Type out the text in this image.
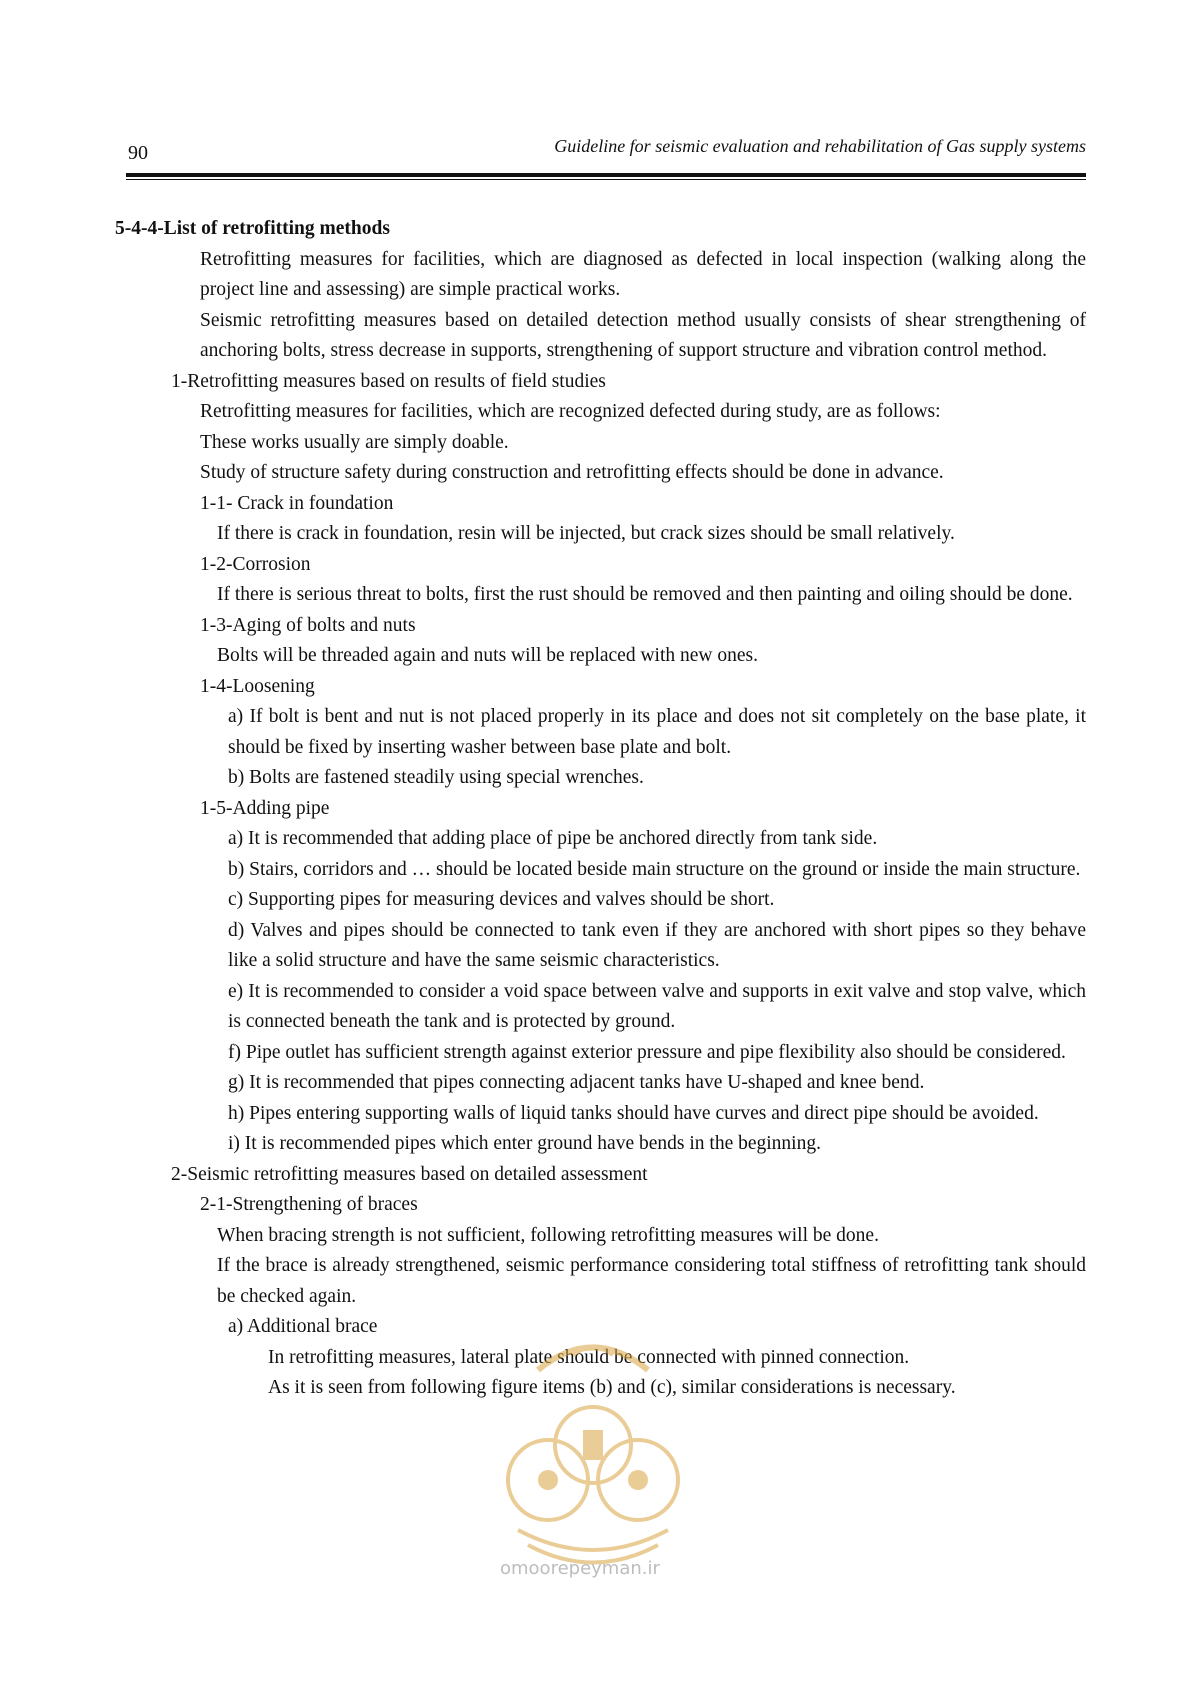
90	Guideline for seismic evaluation and rehabilitation of Gas supply systems

5-4-4-List of retrofitting methods

Retrofitting measures for facilities, which are diagnosed as defected in local inspection (walking along the project line and assessing) are simple practical works.

Seismic retrofitting measures based on detailed detection method usually consists of shear strengthening of anchoring bolts, stress decrease in supports, strengthening of support structure and vibration control method.

1-Retrofitting measures based on results of field studies

Retrofitting measures for facilities, which are recognized defected during study, are as follows:

These works usually are simply doable.

Study of structure safety during construction and retrofitting effects should be done in advance.

1-1- Crack in foundation

If there is crack in foundation, resin will be injected, but crack sizes should be small relatively.

1-2-Corrosion

If there is serious threat to bolts, first the rust should be removed and then painting and oiling should be done.

1-3-Aging of bolts and nuts

Bolts will be threaded again and nuts will be replaced with new ones.

1-4-Loosening

a) If bolt is bent and nut is not placed properly in its place and does not sit completely on the base plate, it should be fixed by inserting washer between base plate and bolt.

b) Bolts are fastened steadily using special wrenches.

1-5-Adding pipe

a) It is recommended that adding place of pipe be anchored directly from tank side.

b) Stairs, corridors and … should be located beside main structure on the ground or inside the main structure.

c) Supporting pipes for measuring devices and valves should be short.

d) Valves and pipes should be connected to tank even if they are anchored with short pipes so they behave like a solid structure and have the same seismic characteristics.

e) It is recommended to consider a void space between valve and supports in exit valve and stop valve, which is connected beneath the tank and is protected by ground.

f) Pipe outlet has sufficient strength against exterior pressure and pipe flexibility also should be considered.

g) It is recommended that pipes connecting adjacent tanks have U-shaped and knee bend.

h) Pipes entering supporting walls of liquid tanks should have curves and direct pipe should be avoided.

i) It is recommended pipes which enter ground have bends in the beginning.

2-Seismic retrofitting measures based on detailed assessment

2-1-Strengthening of braces

When bracing strength is not sufficient, following retrofitting measures will be done.

If the brace is already strengthened, seismic performance considering total stiffness of retrofitting tank should be checked again.

a) Additional brace

In retrofitting measures, lateral plate should be connected with pinned connection.

As it is seen from following figure items (b) and (c), similar considerations is necessary.

omoorepeyman.ir
